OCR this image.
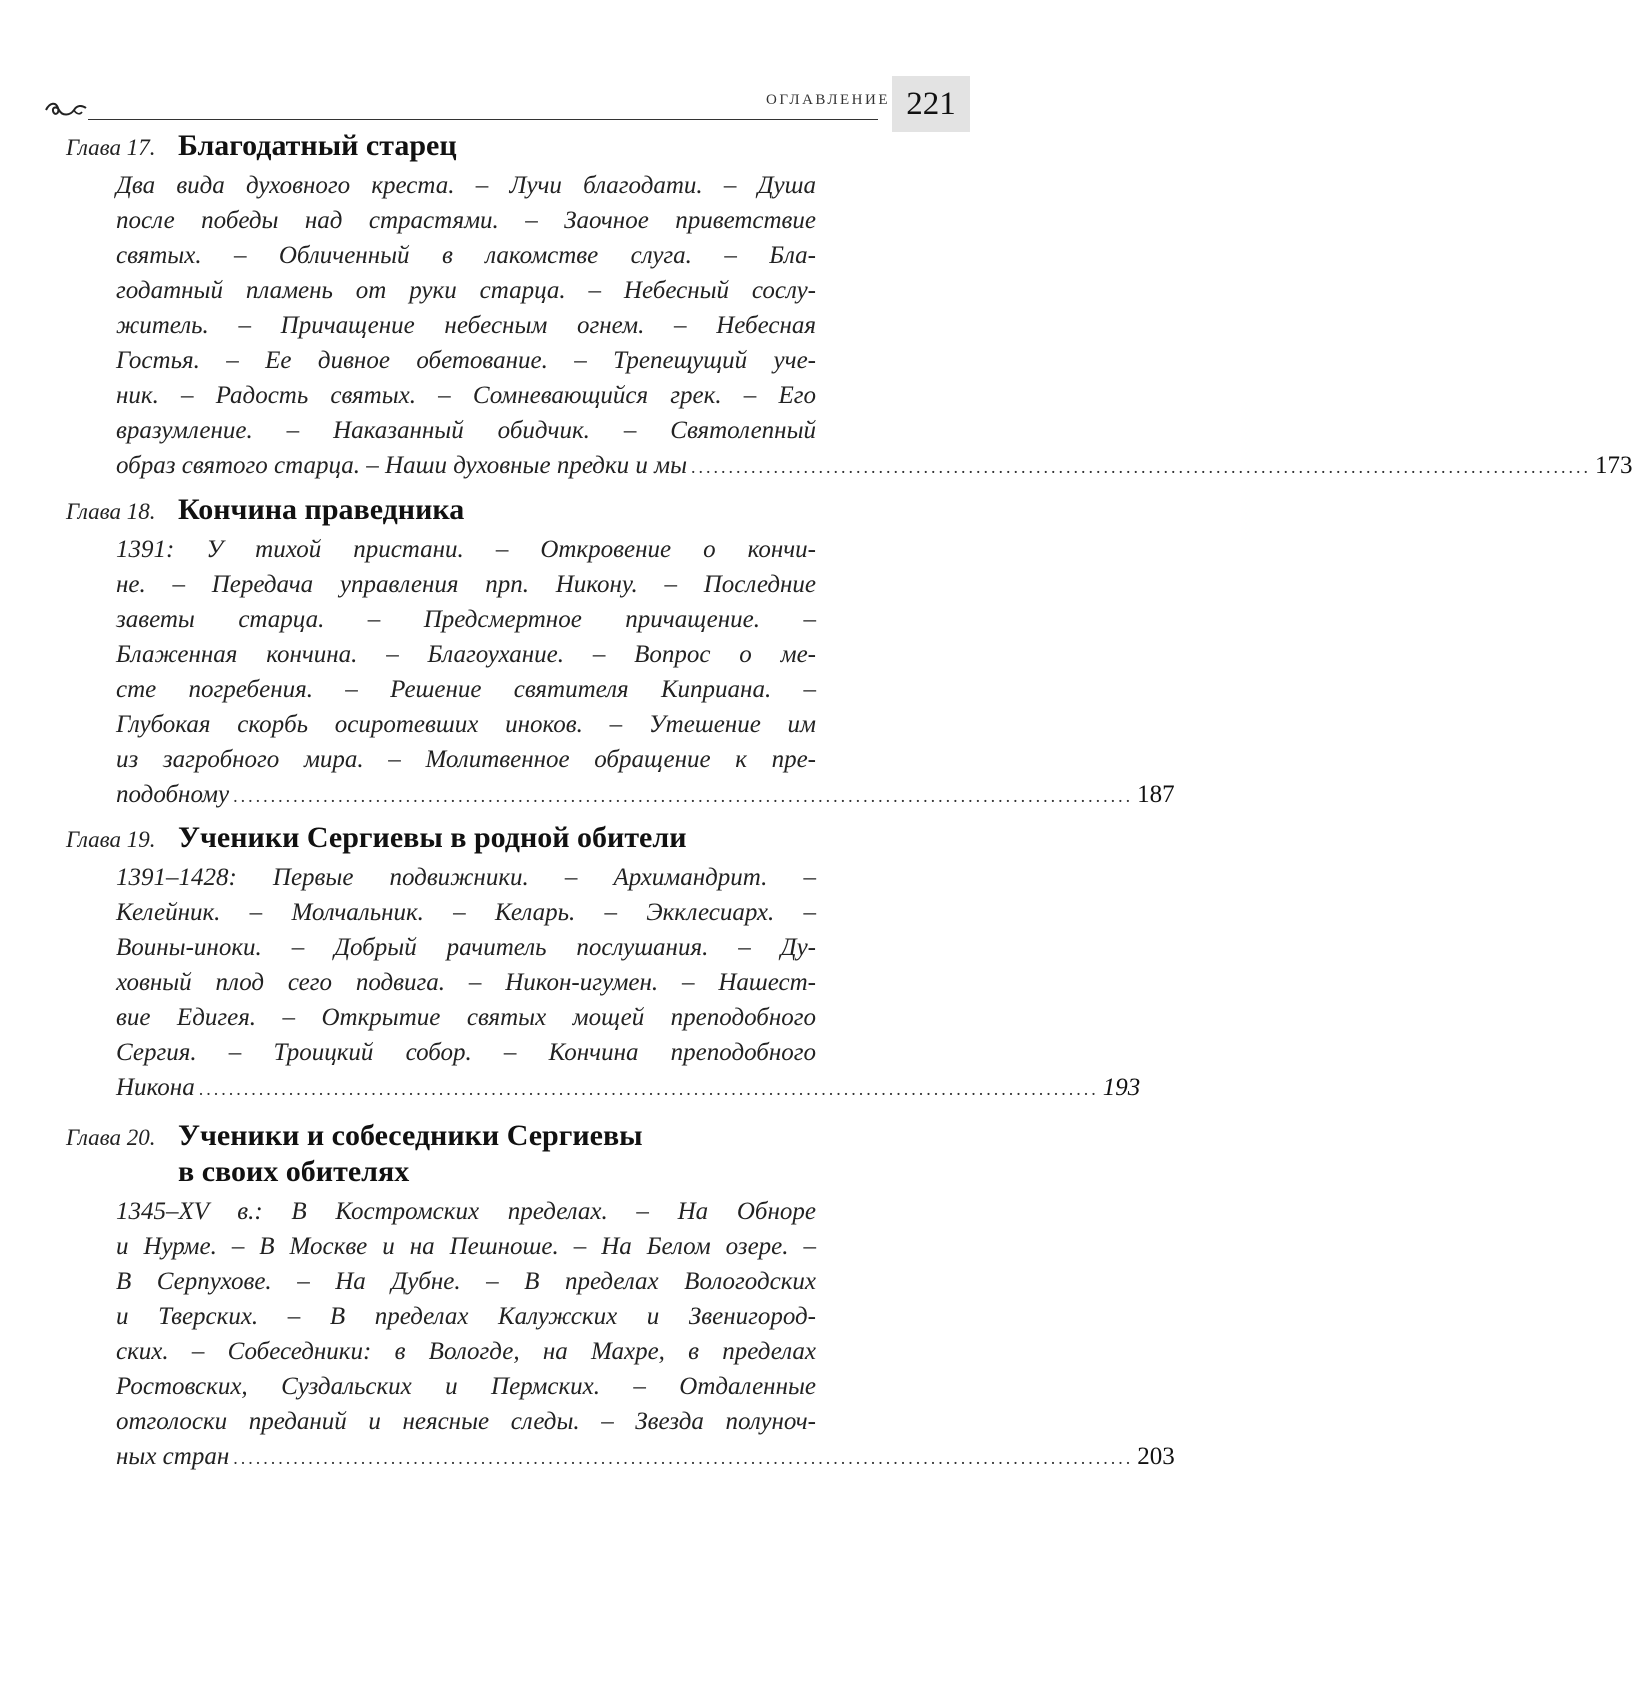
ОГЛАВЛЕНИЕ 221
Глава 17. Благодатный старец
Два вида духовного креста. – Лучи благодати. – Душа
после победы над страстями. – Заочное приветствие
святых. – Обличенный в лакомстве слуга. – Бла-
годатный пламень от руки старца. – Небесный сослу-
житель. – Причащение небесным огнем. – Небесная
Гостья. – Ее дивное обетование. – Трепещущий уче-
ник. – Радость святых. – Сомневающийся грек. – Его
вразумление. – Наказанный обидчик. – Святолепный
образ святого старца. – Наши духовные предки и мы ........................................................................................................................ 173
Глава 18. Кончина праведника
1391: У тихой пристани. – Откровение о кончи-
не. – Передача управления прп. Никону. – Последние
заветы старца. – Предсмертное причащение. –
Блаженная кончина. – Благоухание. – Вопрос о ме-
сте погребения. – Решение святителя Киприана. –
Глубокая скорбь осиротевших иноков. – Утешение им
из загробного мира. – Молитвенное обращение к пре-
подобному ........................................................................................................................ 187
Глава 19. Ученики Сергиевы в родной обители
1391–1428: Первые подвижники. – Архимандрит. –
Келейник. – Молчальник. – Келарь. – Экклесиарх. –
Воины-иноки. – Добрый рачитель послушания. – Ду-
ховный плод сего подвига. – Никон-игумен. – Нашест-
вие Едигея. – Открытие святых мощей преподобного
Сергия. – Троицкий собор. – Кончина преподобного
Никона ........................................................................................................................ 193
Глава 20. Ученики и собеседники Сергиевы
в своих обителях
1345–XV в.: В Костромских пределах. – На Обноре
и Нурме. – В Москве и на Пешноше. – На Белом озере. –
В Серпухове. – На Дубне. – В пределах Вологодских
и Тверских. – В пределах Калужских и Звенигород-
ских. – Собеседники: в Вологде, на Махре, в пределах
Ростовских, Суздальских и Пермских. – Отдаленные
отголоски преданий и неясные следы. – Звезда полуноч-
ных стран ........................................................................................................................ 203
